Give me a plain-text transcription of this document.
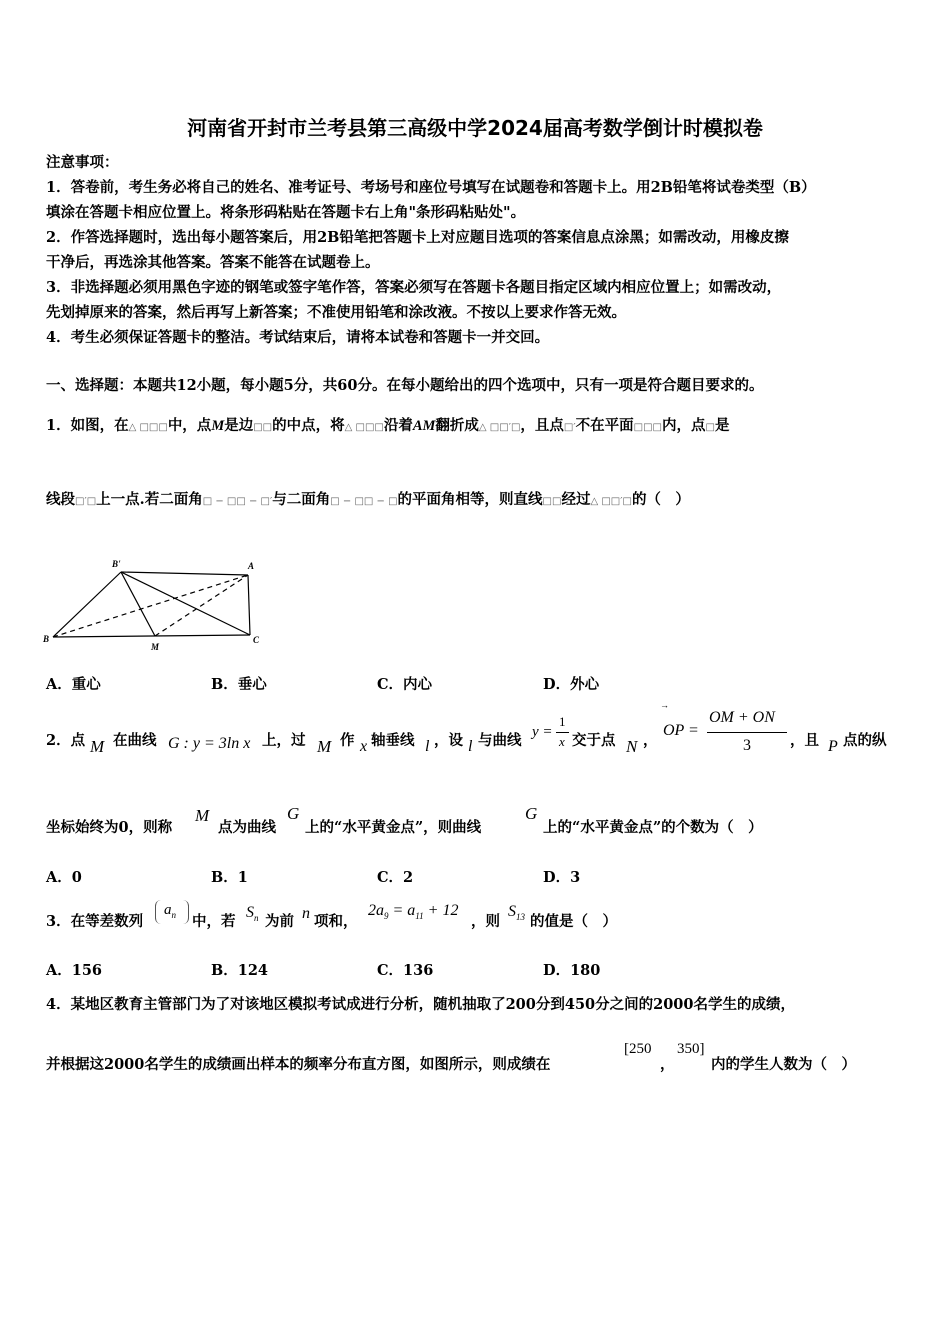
河南省开封市兰考县第三高级中学2024届高考数学倒计时模拟卷
注意事项：
1．答卷前，考生务必将自己的姓名、准考证号、考场号和座位号填写在试题卷和答题卡上。用2B铅笔将试卷类型（B）
填涂在答题卡相应位置上。将条形码粘贴在答题卡右上角"条形码粘贴处"。
2．作答选择题时，选出每小题答案后，用2B铅笔把答题卡上对应题目选项的答案信息点涂黑；如需改动，用橡皮擦
干净后，再选涂其他答案。答案不能答在试题卷上。
3．非选择题必须用黑色字迹的钢笔或签字笔作答，答案必须写在答题卡各题目指定区域内相应位置上；如需改动，
先划掉原来的答案，然后再写上新答案；不准使用铅笔和涂改液。不按以上要求作答无效。
4．考生必须保证答题卡的整洁。考试结束后，请将本试卷和答题卡一并交回。
一、选择题：本题共12小题，每小题5分，共60分。在每小题给出的四个选项中，只有一项是符合题目要求的。
1．如图，在△ □□□中，点M是边□□的中点，将△ □□□沿着AM翻折成△ □□′□，且点□′不在平面□□□内，点□是
线段□′□上一点.若二面角□ − □□ − □′与二面角□ − □□ − □的平面角相等，则直线□□经过△ □□′□的（　）
B'	A
B
M
C
A．重心	B．垂心	C．内心	D．外心
2．点 M 在曲线 G : y = 3ln x 上，过 M 作 x 轴垂线 l ，设 l 与曲线 y =
1
x 交于点 N ，
→
OP =
OM + ON
3	，且 P 点的纵
坐标始终为0，则称
M
点为曲线
G
上的“水平黄金点”，则曲线
G
上的“水平黄金点”的个数为（　）
A．0	B．1	C．2	D．3
3．在等差数列
$a_n$ 中，若
$S_n$ 为前 n 项和，
$2a_9 = a_{11} + 12$
，则
$S_{13}$ 的值是（　）
A．156	B．124	C．136	D．180
4．某地区教育主管部门为了对该地区模拟考试成进行分析，随机抽取了200分到450分之间的2000名学生的成绩，
并根据这2000名学生的成绩画出样本的频率分布直方图，如图所示，则成绩在
[250
，
350]
内的学生人数为（　）
